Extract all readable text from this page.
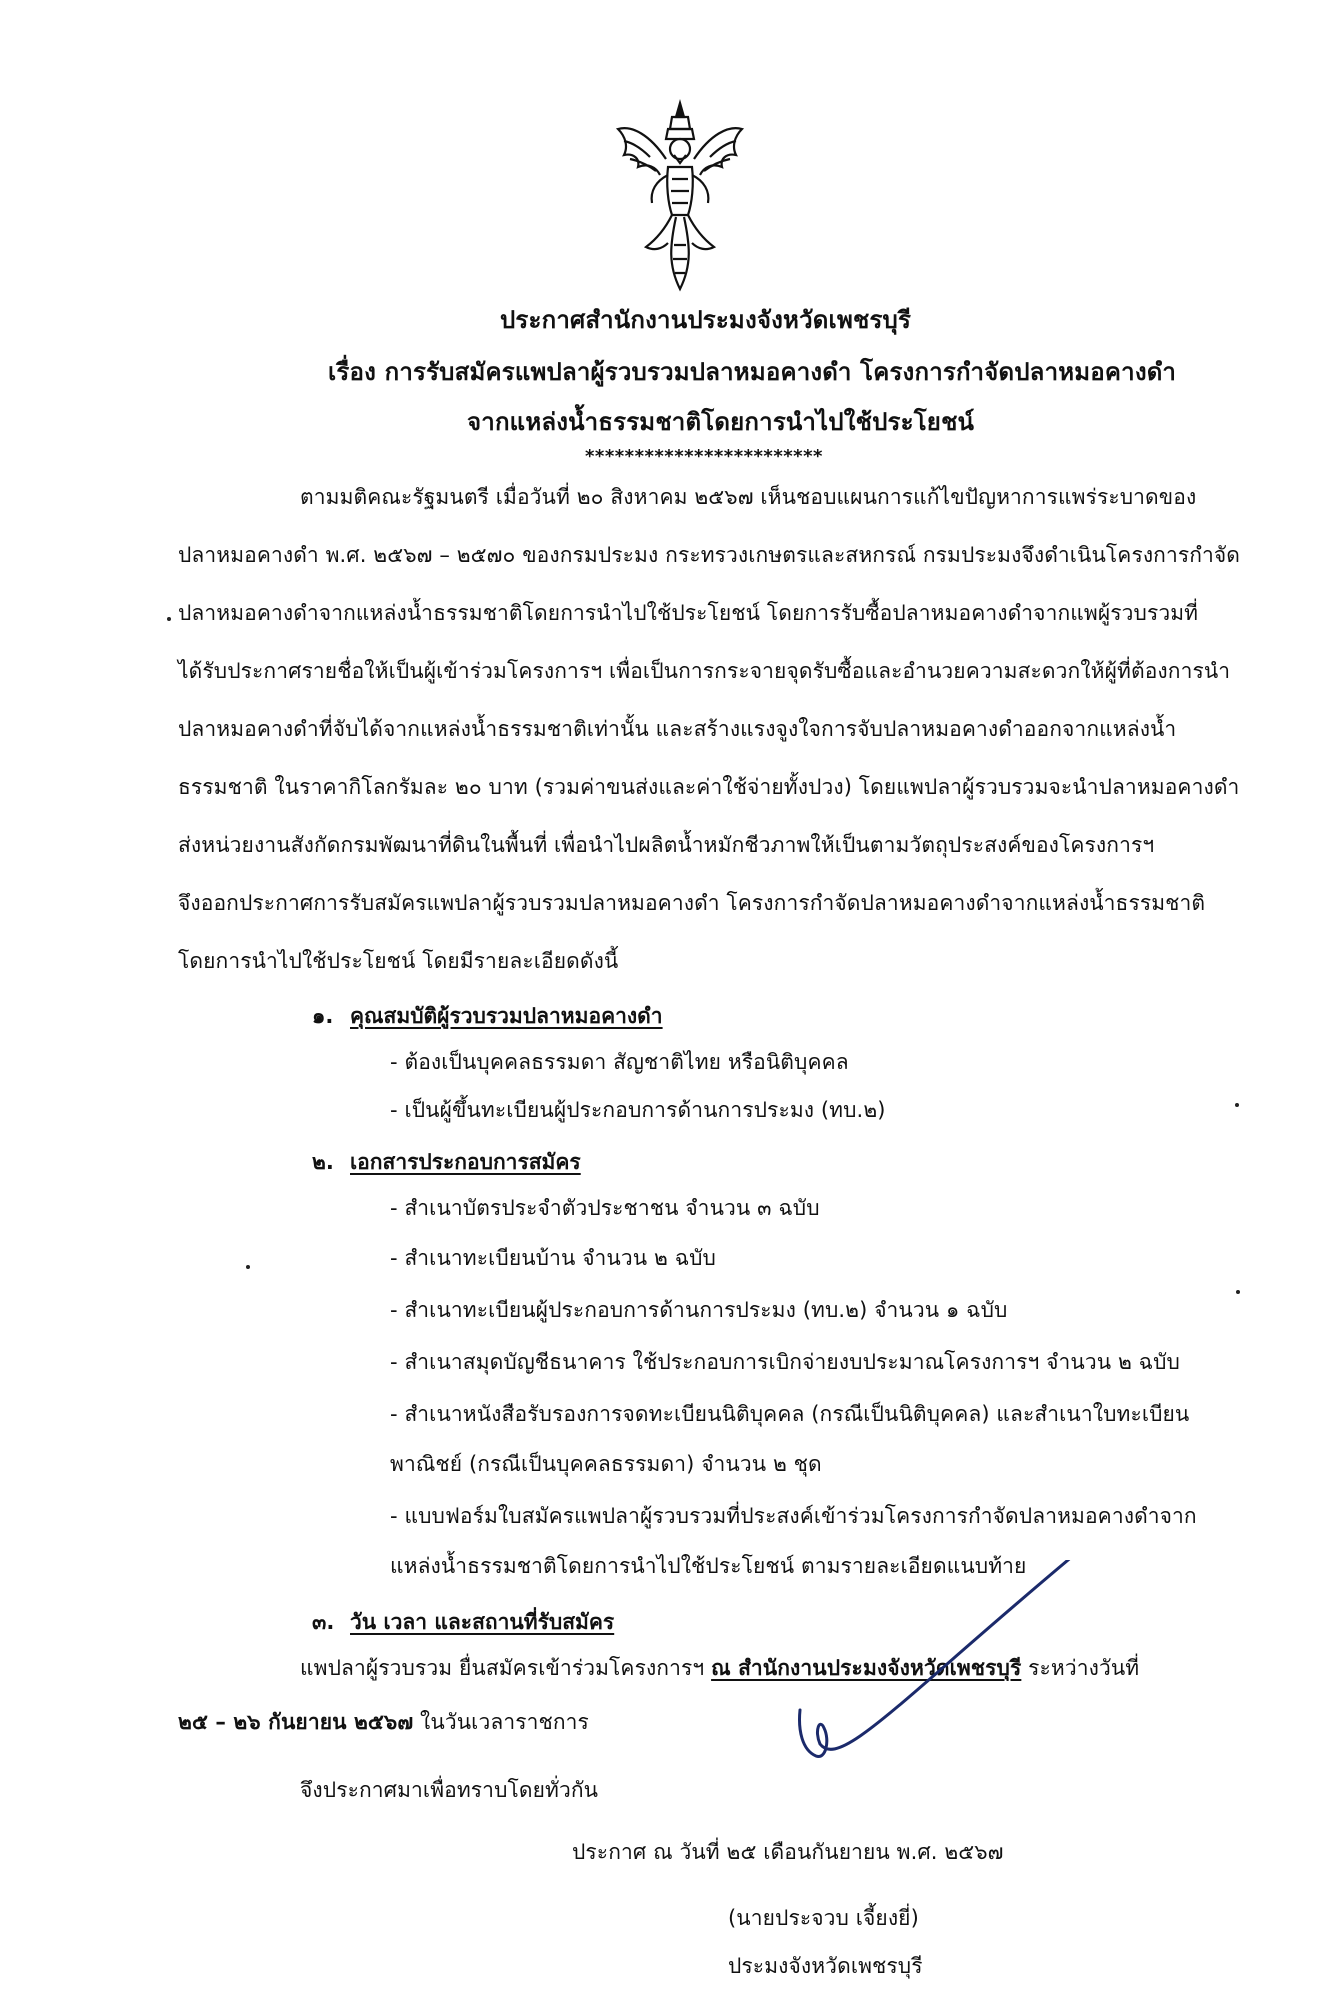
ประกาศสำนักงานประมงจังหวัดเพชรบุรี
เรื่อง การรับสมัครแพปลาผู้รวบรวมปลาหมอคางดำ โครงการกำจัดปลาหมอคางดำ
จากแหล่งน้ำธรรมชาติโดยการนำไปใช้ประโยชน์
************************
ตามมติคณะรัฐมนตรี เมื่อวันที่ ๒๐ สิงหาคม ๒๕๖๗ เห็นชอบแผนการแก้ไขปัญหาการแพร่ระบาดของ
ปลาหมอคางดำ พ.ศ. ๒๕๖๗ – ๒๕๗๐ ของกรมประมง กระทรวงเกษตรและสหกรณ์ กรมประมงจึงดำเนินโครงการกำจัด
ปลาหมอคางดำจากแหล่งน้ำธรรมชาติโดยการนำไปใช้ประโยชน์ โดยการรับซื้อปลาหมอคางดำจากแพผู้รวบรวมที่
ได้รับประกาศรายชื่อให้เป็นผู้เข้าร่วมโครงการฯ เพื่อเป็นการกระจายจุดรับซื้อและอำนวยความสะดวกให้ผู้ที่ต้องการนำ
ปลาหมอคางดำที่จับได้จากแหล่งน้ำธรรมชาติเท่านั้น และสร้างแรงจูงใจการจับปลาหมอคางดำออกจากแหล่งน้ำ
ธรรมชาติ ในราคากิโลกรัมละ ๒๐ บาท (รวมค่าขนส่งและค่าใช้จ่ายทั้งปวง) โดยแพปลาผู้รวบรวมจะนำปลาหมอคางดำ
ส่งหน่วยงานสังกัดกรมพัฒนาที่ดินในพื้นที่ เพื่อนำไปผลิตน้ำหมักชีวภาพให้เป็นตามวัตถุประสงค์ของโครงการฯ
จึงออกประกาศการรับสมัครแพปลาผู้รวบรวมปลาหมอคางดำ โครงการกำจัดปลาหมอคางดำจากแหล่งน้ำธรรมชาติ
โดยการนำไปใช้ประโยชน์ โดยมีรายละเอียดดังนี้
๑. คุณสมบัติผู้รวบรวมปลาหมอคางดำ
- ต้องเป็นบุคคลธรรมดา สัญชาติไทย หรือนิติบุคคล
- เป็นผู้ขึ้นทะเบียนผู้ประกอบการด้านการประมง (ทบ.๒)
๒. เอกสารประกอบการสมัคร
- สำเนาบัตรประจำตัวประชาชน จำนวน ๓ ฉบับ
- สำเนาทะเบียนบ้าน จำนวน ๒ ฉบับ
- สำเนาทะเบียนผู้ประกอบการด้านการประมง (ทบ.๒) จำนวน ๑ ฉบับ
- สำเนาสมุดบัญชีธนาคาร ใช้ประกอบการเบิกจ่ายงบประมาณโครงการฯ จำนวน ๒ ฉบับ
- สำเนาหนังสือรับรองการจดทะเบียนนิติบุคคล (กรณีเป็นนิติบุคคล) และสำเนาใบทะเบียน
พาณิชย์ (กรณีเป็นบุคคลธรรมดา) จำนวน ๒ ชุด
- แบบฟอร์มใบสมัครแพปลาผู้รวบรวมที่ประสงค์เข้าร่วมโครงการกำจัดปลาหมอคางดำจาก
แหล่งน้ำธรรมชาติโดยการนำไปใช้ประโยชน์ ตามรายละเอียดแนบท้าย
๓. วัน เวลา และสถานที่รับสมัคร
แพปลาผู้รวบรวม ยื่นสมัครเข้าร่วมโครงการฯ ณ สำนักงานประมงจังหวัดเพชรบุรี ระหว่างวันที่
๒๕ – ๒๖ กันยายน ๒๕๖๗ ในวันเวลาราชการ
จึงประกาศมาเพื่อทราบโดยทั่วกัน
ประกาศ ณ วันที่ ๒๕ เดือนกันยายน พ.ศ. ๒๕๖๗
(นายประจวบ เจี้ยงยี่)
ประมงจังหวัดเพชรบุรี
